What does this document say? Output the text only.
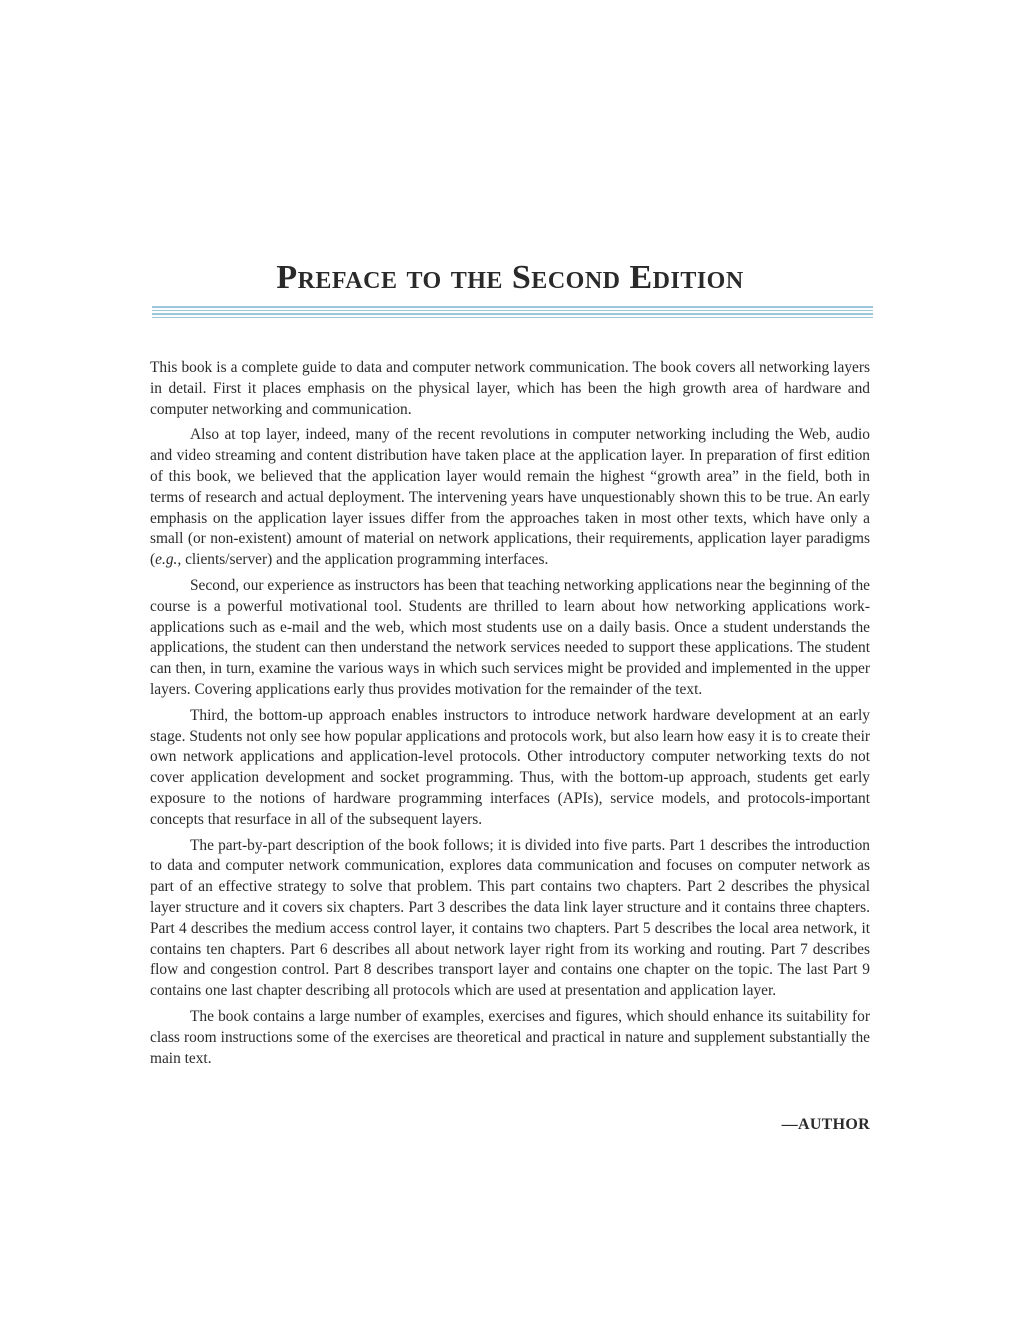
Preface to the Second Edition

This book is a complete guide to data and computer network communication. The book covers all networking layers in detail. First it places emphasis on the physical layer, which has been the high growth area of hardware and computer networking and communication.

Also at top layer, indeed, many of the recent revolutions in computer networking including the Web, audio and video streaming and content distribution have taken place at the application layer. In preparation of first edition of this book, we believed that the application layer would remain the highest “growth area” in the field, both in terms of research and actual deployment. The intervening years have unquestionably shown this to be true. An early emphasis on the application layer issues differ from the approaches taken in most other texts, which have only a small (or non-existent) amount of material on network applications, their requirements, application layer paradigms (e.g., clients/server) and the application programming interfaces.

Second, our experience as instructors has been that teaching networking applications near the beginning of the course is a powerful motivational tool. Students are thrilled to learn about how networking applications work-applications such as e-mail and the web, which most students use on a daily basis. Once a student understands the applications, the student can then understand the network services needed to support these applications. The student can then, in turn, examine the various ways in which such services might be provided and implemented in the upper layers. Covering applications early thus provides motivation for the remainder of the text.

Third, the bottom-up approach enables instructors to introduce network hardware development at an early stage. Students not only see how popular applications and protocols work, but also learn how easy it is to create their own network applications and application-level protocols. Other introductory computer networking texts do not cover application development and socket programming. Thus, with the bottom-up approach, students get early exposure to the notions of hardware programming interfaces (APIs), service models, and protocols-important concepts that resurface in all of the subsequent layers.

The part-by-part description of the book follows; it is divided into five parts. Part 1 describes the introduction to data and computer network communication, explores data communication and focuses on computer network as part of an effective strategy to solve that problem. This part contains two chapters. Part 2 describes the physical layer structure and it covers six chapters. Part 3 describes the data link layer structure and it contains three chapters. Part 4 describes the medium access control layer, it contains two chapters. Part 5 describes the local area network, it contains ten chapters. Part 6 describes all about network layer right from its working and routing. Part 7 describes flow and congestion control. Part 8 describes transport layer and contains one chapter on the topic. The last Part 9 contains one last chapter describing all protocols which are used at presentation and application layer.

The book contains a large number of examples, exercises and figures, which should enhance its suitability for class room instructions some of the exercises are theoretical and practical in nature and supplement substantially the main text.

—AUTHOR
